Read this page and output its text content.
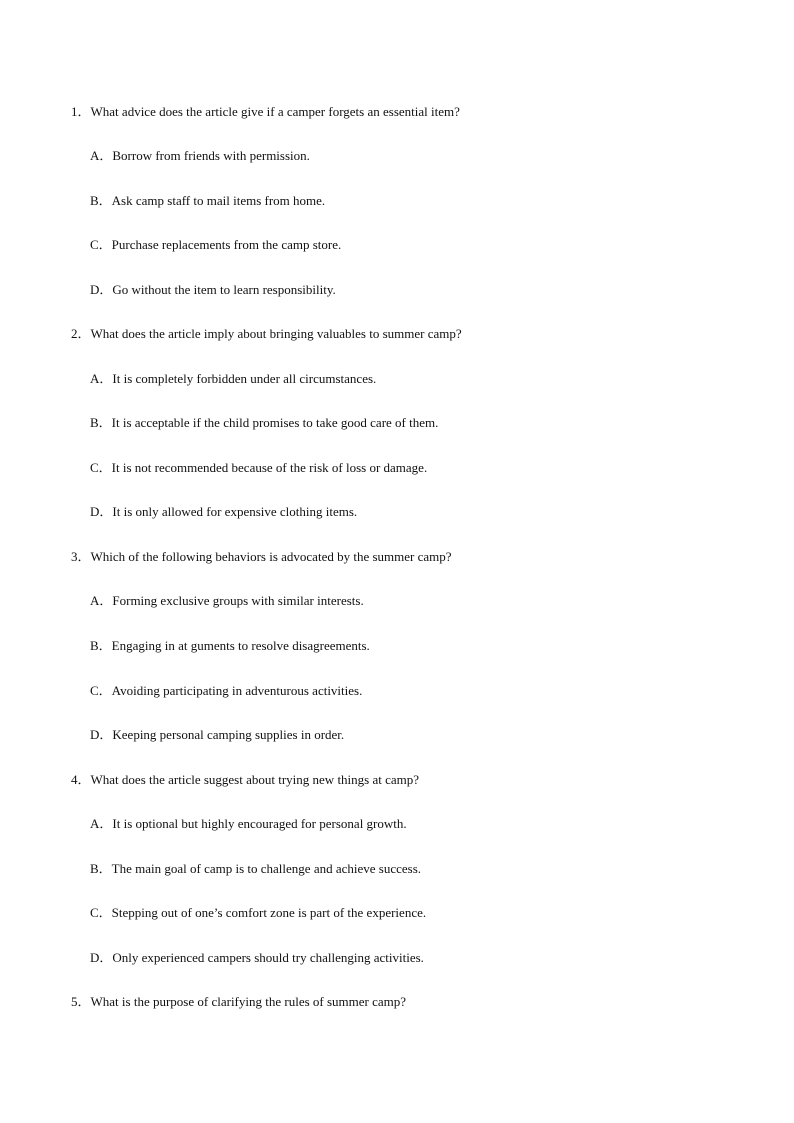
1．What advice does the article give if a camper forgets an essential item?
A．Borrow from friends with permission.
B．Ask camp staff to mail items from home.
C．Purchase replacements from the camp store.
D．Go without the item to learn responsibility.
2．What does the article imply about bringing valuables to summer camp?
A．It is completely forbidden under all circumstances.
B．It is acceptable if the child promises to take good care of them.
C．It is not recommended because of the risk of loss or damage.
D．It is only allowed for expensive clothing items.
3．Which of the following behaviors is advocated by the summer camp?
A．Forming exclusive groups with similar interests.
B．Engaging in at guments to resolve disagreements.
C．Avoiding participating in adventurous activities.
D．Keeping personal camping supplies in order.
4．What does the article suggest about trying new things at camp?
A．It is optional but highly encouraged for personal growth.
B．The main goal of camp is to challenge and achieve success.
C．Stepping out of one’s comfort zone is part of the experience.
D．Only experienced campers should try challenging activities.
5．What is the purpose of clarifying the rules of summer camp?
